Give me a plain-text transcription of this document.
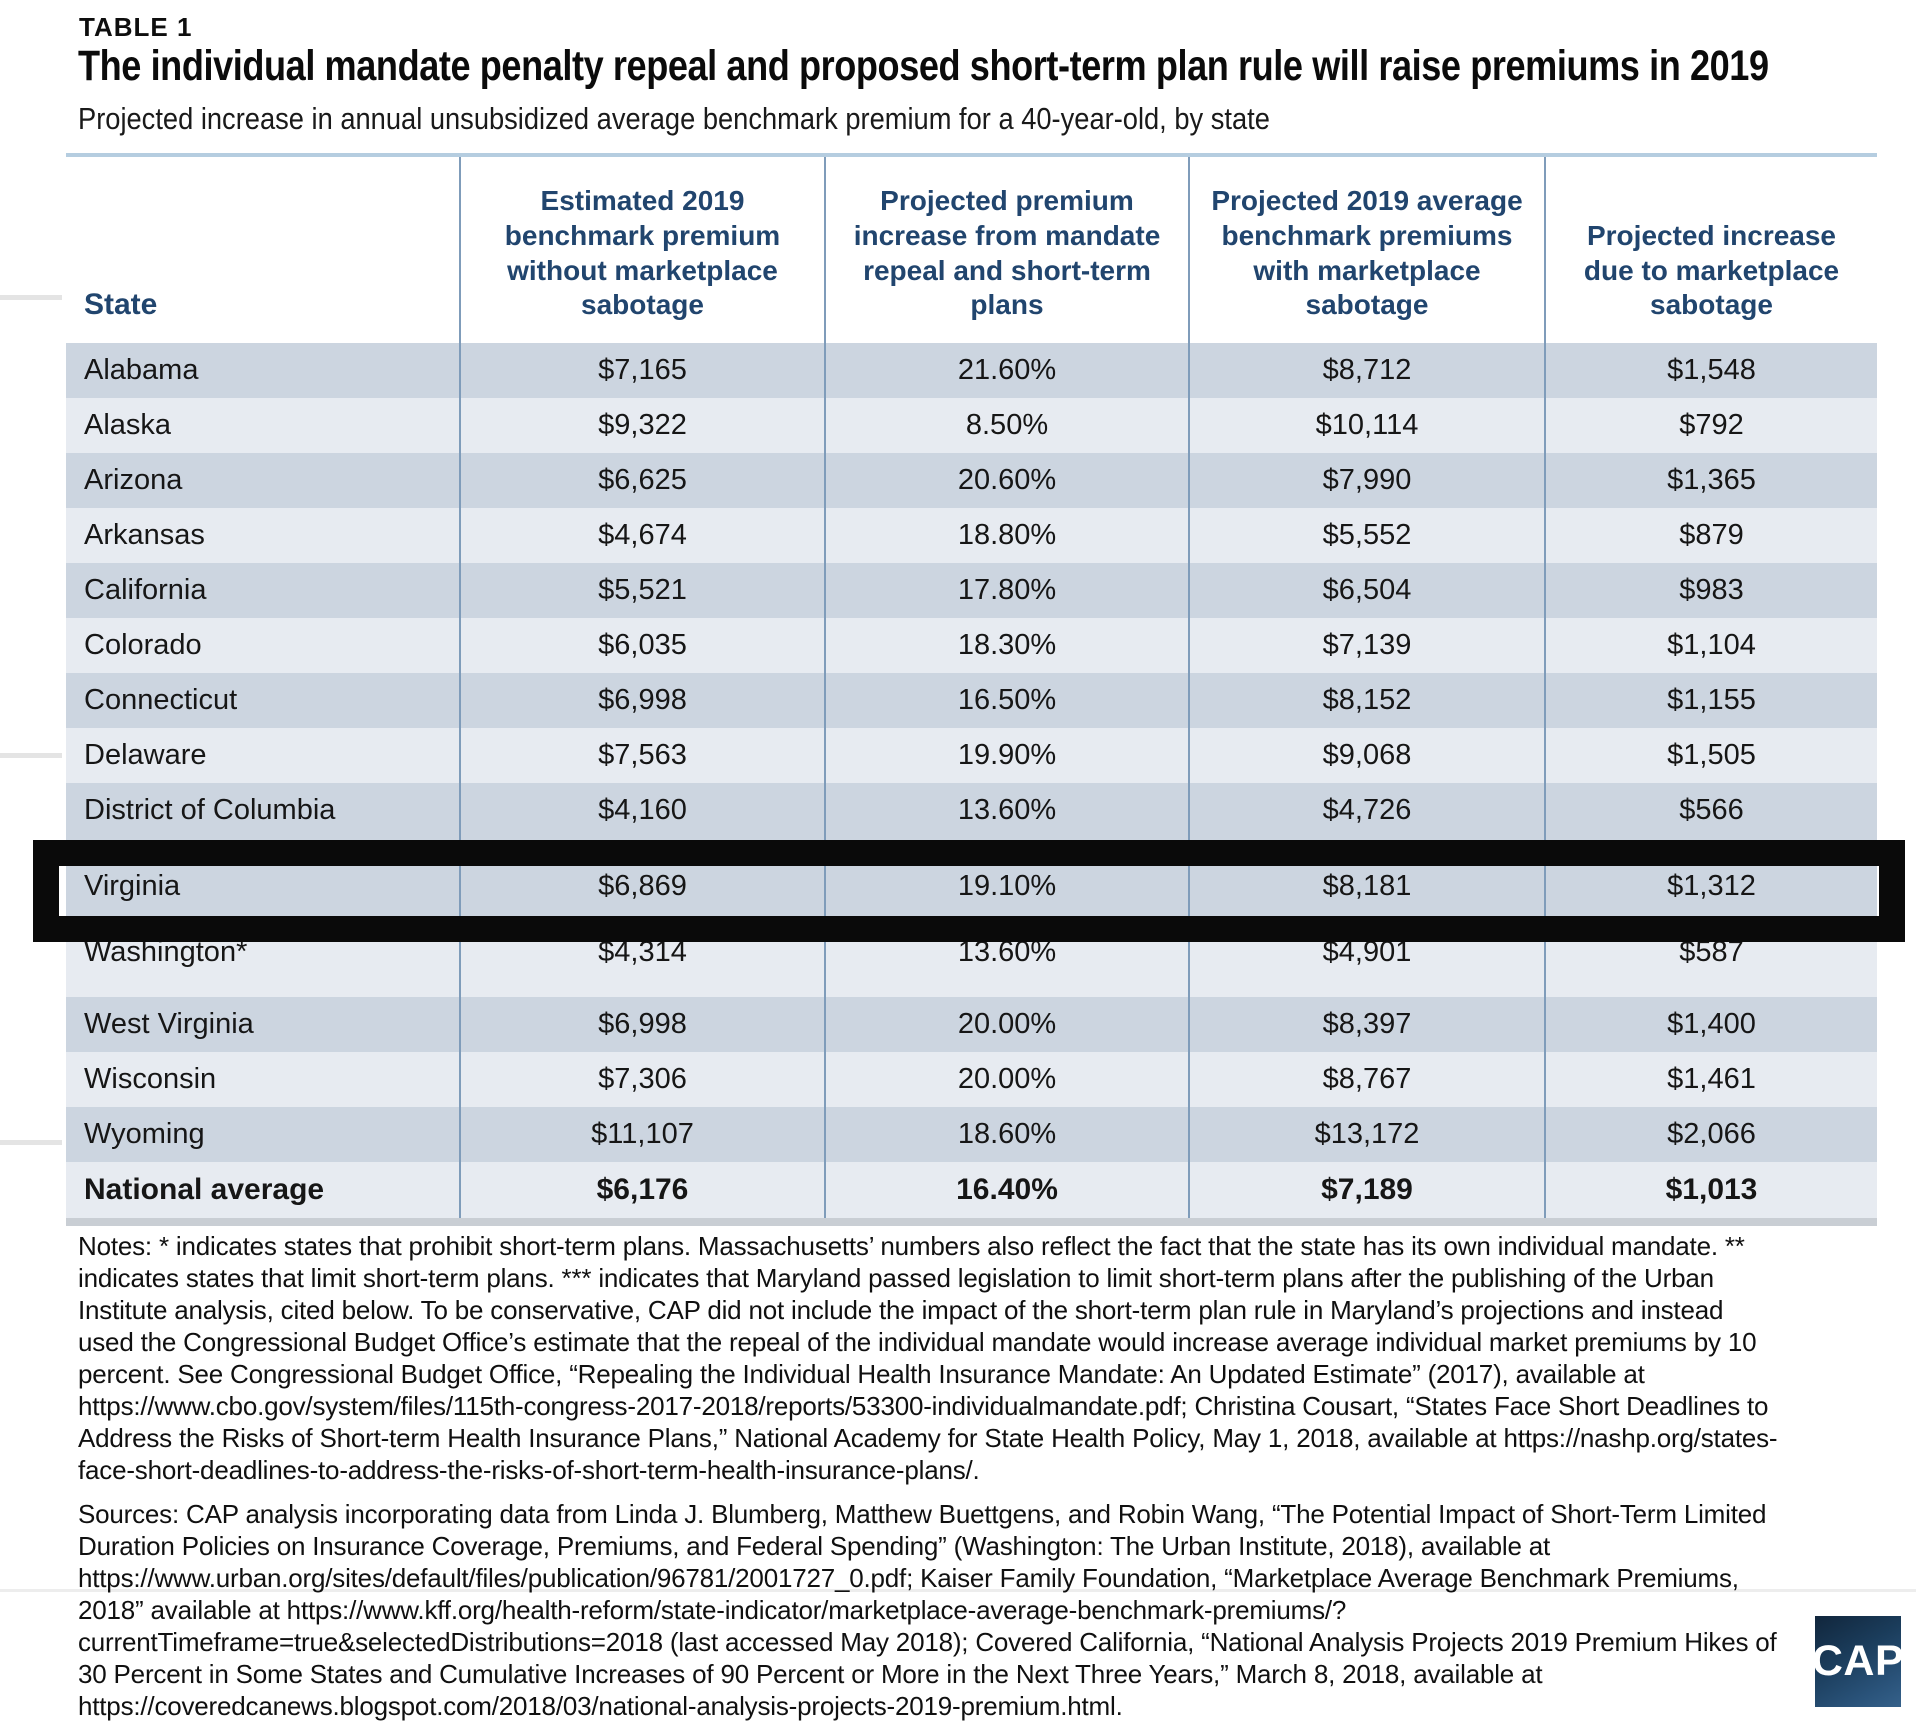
TABLE 1
The individual mandate penalty repeal and proposed short-term plan rule will raise premiums in 2019
Projected increase in annual unsubsidized average benchmark premium for a 40-year-old, by state
State	Estimated 2019 benchmark premium without marketplace sabotage	Projected premium increase from mandate repeal and short-term plans	Projected 2019 average benchmark premiums with marketplace sabotage	Projected increase due to marketplace sabotage
Alabama	$7,165	21.60%	$8,712	$1,548
Alaska	$9,322	8.50%	$10,114	$792
Arizona	$6,625	20.60%	$7,990	$1,365
Arkansas	$4,674	18.80%	$5,552	$879
California	$5,521	17.80%	$6,504	$983
Colorado	$6,035	18.30%	$7,139	$1,104
Connecticut	$6,998	16.50%	$8,152	$1,155
Delaware	$7,563	19.90%	$9,068	$1,505
District of Columbia	$4,160	13.60%	$4,726	$566
Virginia	$6,869	19.10%	$8,181	$1,312
Washington*	$4,314	13.60%	$4,901	$587
West Virginia	$6,998	20.00%	$8,397	$1,400
Wisconsin	$7,306	20.00%	$8,767	$1,461
Wyoming	$11,107	18.60%	$13,172	$2,066
National average	$6,176	16.40%	$7,189	$1,013
Notes: * indicates states that prohibit short-term plans. Massachusetts’ numbers also reflect the fact that the state has its own individual mandate. ** indicates states that limit short-term plans. *** indicates that Maryland passed legislation to limit short-term plans after the publishing of the Urban Institute analysis, cited below. To be conservative, CAP did not include the impact of the short-term plan rule in Maryland’s projections and instead used the Congressional Budget Office’s estimate that the repeal of the individual mandate would increase average individual market premiums by 10 percent. See Congressional Budget Office, “Repealing the Individual Health Insurance Mandate: An Updated Estimate” (2017), available at https://www.cbo.gov/system/files/115th-congress-2017-2018/reports/53300-individualmandate.pdf; Christina Cousart, “States Face Short Deadlines to Address the Risks of Short-term Health Insurance Plans,” National Academy for State Health Policy, May 1, 2018, available at https://nashp.org/states-face-short-deadlines-to-address-the-risks-of-short-term-health-insurance-plans/.
Sources: CAP analysis incorporating data from Linda J. Blumberg, Matthew Buettgens, and Robin Wang, “The Potential Impact of Short-Term Limited Duration Policies on Insurance Coverage, Premiums, and Federal Spending” (Washington: The Urban Institute, 2018), available at https://www.urban.org/sites/default/files/publication/96781/2001727_0.pdf; Kaiser Family Foundation, “Marketplace Average Benchmark Premiums, 2018” available at https://www.kff.org/health-reform/state-indicator/marketplace-average-benchmark-premiums/?currentTimeframe=true&selectedDistributions=2018 (last accessed May 2018); Covered California, “National Analysis Projects 2019 Premium Hikes of 30 Percent in Some States and Cumulative Increases of 90 Percent or More in the Next Three Years,” March 8, 2018, available at https://coveredcanews.blogspot.com/2018/03/national-analysis-projects-2019-premium.html.
CAP
